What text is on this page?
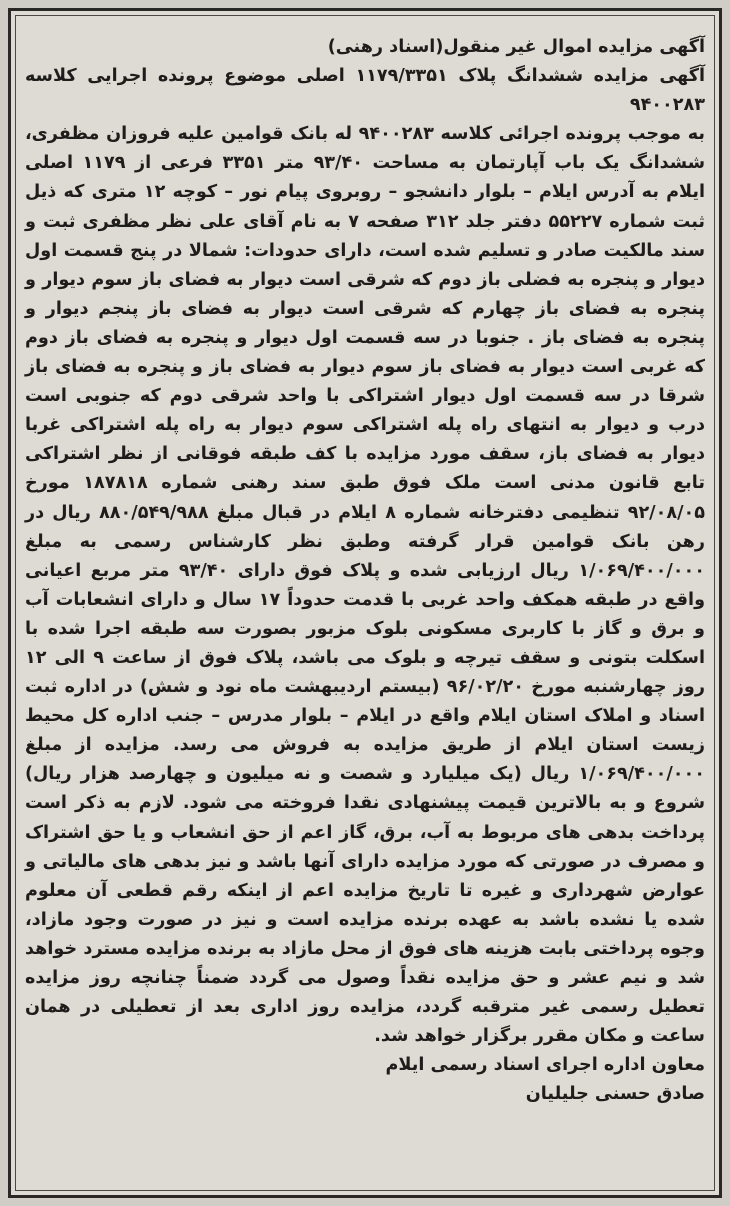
آگهی مزایده اموال غیر منقول(اسناد رهنی)

آگهی مزایده ششدانگ پلاک ۱۱۷۹/۳۳۵۱ اصلی موضوع پرونده اجرایی کلاسه ۹۴۰۰۲۸۳

به موجب پرونده اجرائی کلاسه ۹۴۰۰۲۸۳ له بانک قوامین علیه فروزان مظفری، ششدانگ یک باب آپارتمان به مساحت ۹۳/۴۰ متر ۳۳۵۱ فرعی از ۱۱۷۹ اصلی ایلام به آدرس ایلام – بلوار دانشجو – روبروی پیام نور – کوچه ۱۲ متری که ذیل ثبت شماره ۵۵۲۲۷ دفتر جلد ۳۱۲ صفحه ۷ به نام آقای علی نظر مظفری ثبت و سند مالکیت صادر و تسلیم شده است، دارای حدودات: شمالا در پنج قسمت اول دیوار و پنجره به فضلی باز دوم که شرقی است دیوار به فضای باز سوم دیوار و پنجره به فضای باز چهارم که شرقی است دیوار به فضای باز پنجم دیوار و پنجره به فضای باز . جنوبا در سه قسمت اول دیوار و پنجره به فضای باز دوم که غربی است دیوار به فضای باز سوم دیوار به فضای باز و پنجره به فضای باز شرقا در سه قسمت اول دیوار اشتراکی با واحد شرقی دوم که جنوبی است درب و دیوار به انتهای راه پله اشتراکی سوم دیوار به راه پله اشتراکی غربا دیوار به فضای باز، سقف مورد مزایده با کف طبقه فوقانی از نظر اشتراکی تابع قانون مدنی است ملک فوق طبق سند رهنی شماره ۱۸۷۸۱۸ مورخ ۹۲/۰۸/۰۵ تنظیمی دفترخانه شماره ۸ ایلام در قبال مبلغ ۸۸۰/۵۴۹/۹۸۸ ریال در رهن بانک قوامین قرار گرفته وطبق نظر کارشناس رسمی به مبلغ ۱/۰۶۹/۴۰۰/۰۰۰ ریال ارزیابی شده و پلاک فوق دارای ۹۳/۴۰ متر مربع اعیانی واقع در طبقه همکف واحد غربی با قدمت حدوداً ۱۷ سال و دارای انشعابات آب و برق و گاز با کاربری مسکونی بلوک مزبور بصورت سه طبقه اجرا شده با اسکلت بتونی و سقف تیرچه و بلوک می باشد، پلاک فوق از ساعت ۹ الی ۱۲ روز چهارشنبه مورخ ۹۶/۰۲/۲۰ (بیستم اردیبهشت ماه نود و شش) در اداره ثبت اسناد و املاک استان ایلام واقع در ایلام – بلوار مدرس – جنب اداره کل محیط زیست استان ایلام از طریق مزایده به فروش می رسد. مزایده از مبلغ ۱/۰۶۹/۴۰۰/۰۰۰ ریال (یک میلیارد و شصت و نه میلیون و چهارصد هزار ریال) شروع و به بالاترین قیمت پیشنهادی نقدا فروخته می شود. لازم به ذکر است پرداخت بدهی های مربوط به آب، برق، گاز اعم از حق انشعاب و یا حق اشتراک و مصرف در صورتی که مورد مزایده دارای آنها باشد و نیز بدهی های مالیاتی و عوارض شهرداری و غیره تا تاریخ مزایده اعم از اینکه رقم قطعی آن معلوم شده یا نشده باشد به عهده برنده مزایده است و نیز در صورت وجود مازاد، وجوه پرداختی بابت هزینه های فوق از محل مازاد به برنده مزایده مسترد خواهد شد و نیم عشر و حق مزایده نقداً وصول می گردد ضمناً چنانچه روز مزایده تعطیل رسمی غیر مترقبه گردد، مزایده روز اداری بعد از تعطیلی در همان ساعت و مکان مقرر برگزار خواهد شد.

معاون اداره اجرای اسناد رسمی ایلام

صادق حسنی جلیلیان
